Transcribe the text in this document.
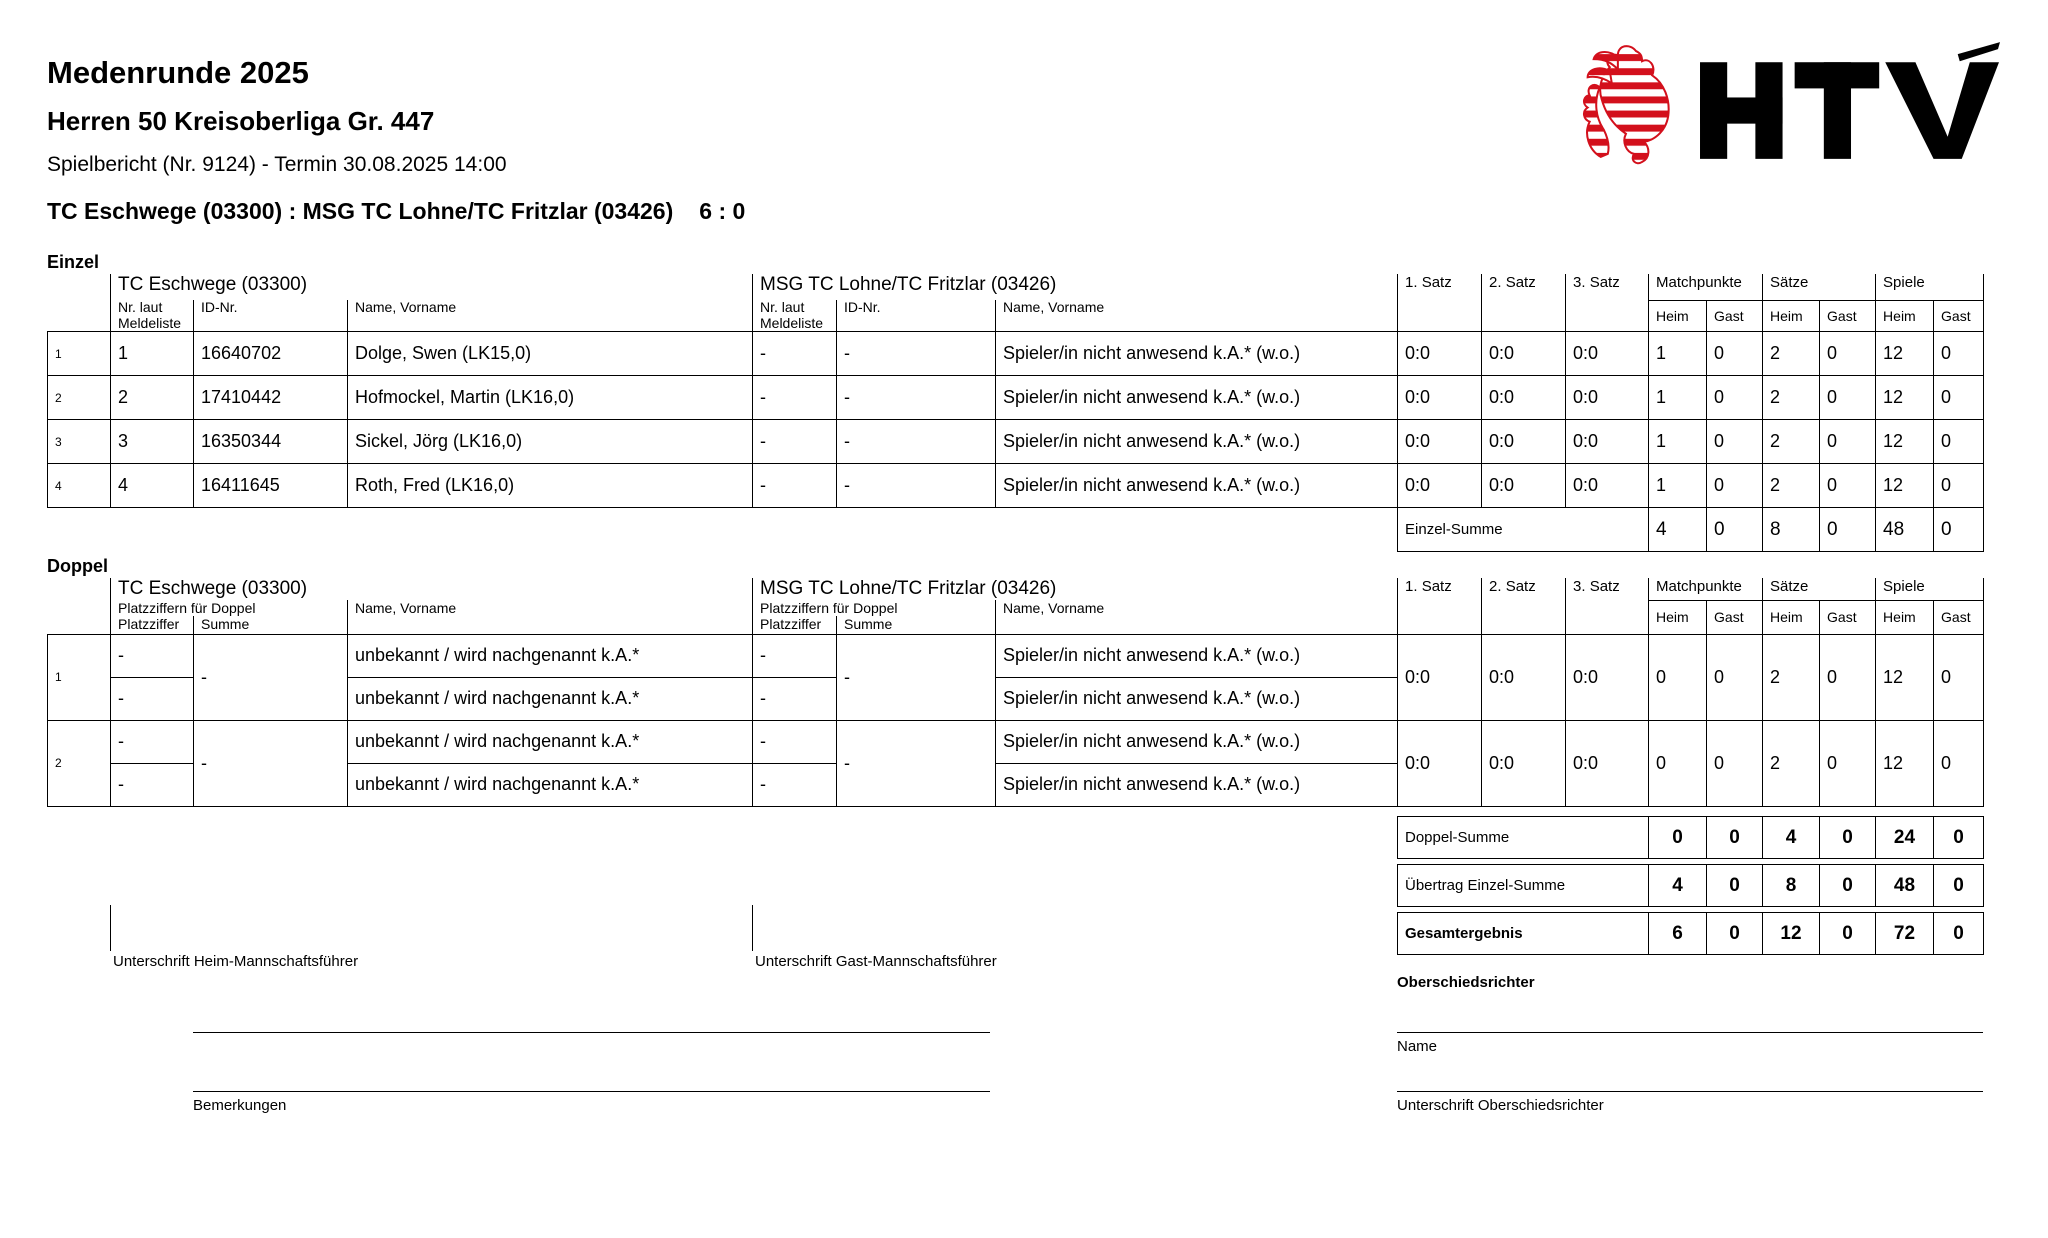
Medenrunde 2025
Herren 50 Kreisoberliga Gr. 447
Spielbericht (Nr. 9124) - Termin 30.08.2025 14:00
TC Eschwege (03300) : MSG TC Lohne/TC Fritzlar (03426) 6 : 0
Einzel
	TC Eschwege (03300)			MSG TC Lohne/TC Fritzlar (03426)			1. Satz	2. Satz	3. Satz	Matchpunkte		Sätze		Spiele	
	Nr. laut Meldeliste	ID-Nr.	Name, Vorname	Nr. laut Meldeliste	ID-Nr.	Name, Vorname				Heim	Gast	Heim	Gast	Heim	Gast
1	1	16640702	Dolge, Swen (LK15,0)	-	-	Spieler/in nicht anwesend k.A.* (w.o.)	0:0	0:0	0:0	1	0	2	0	12	0
2	2	17410442	Hofmockel, Martin (LK16,0)	-	-	Spieler/in nicht anwesend k.A.* (w.o.)	0:0	0:0	0:0	1	0	2	0	12	0
3	3	16350344	Sickel, Jörg (LK16,0)	-	-	Spieler/in nicht anwesend k.A.* (w.o.)	0:0	0:0	0:0	1	0	2	0	12	0
4	4	16411645	Roth, Fred (LK16,0)	-	-	Spieler/in nicht anwesend k.A.* (w.o.)	0:0	0:0	0:0	1	0	2	0	12	0
							Einzel-Summe			4	0	8	0	48	0
Doppel
	TC Eschwege (03300)			MSG TC Lohne/TC Fritzlar (03426)			1. Satz	2. Satz	3. Satz	Matchpunkte		Sätze		Spiele	
	Platzziffern für Doppel		Name, Vorname	Platzziffern für Doppel		Name, Vorname				Heim	Gast	Heim	Gast	Heim	Gast
	Platzziffer	Summe		Platzziffer	Summe										
1	-	-	unbekannt / wird nachgenannt k.A.*	-	-	Spieler/in nicht anwesend k.A.* (w.o.)	0:0	0:0	0:0	0	0	2	0	12	0
	-		unbekannt / wird nachgenannt k.A.*	-		Spieler/in nicht anwesend k.A.* (w.o.)									
2	-	-	unbekannt / wird nachgenannt k.A.*	-	-	Spieler/in nicht anwesend k.A.* (w.o.)	0:0	0:0	0:0	0	0	2	0	12	0
	-		unbekannt / wird nachgenannt k.A.*	-		Spieler/in nicht anwesend k.A.* (w.o.)									
Doppel-Summe	0	0	4	0	24	0
Übertrag Einzel-Summe	4	0	8	0	48	0
Gesamtergebnis	6	0	12	0	72	0
Unterschrift Heim-Mannschaftsführer	Unterschrift Gast-Mannschaftsführer
Bemerkungen
Oberschiedsrichter
Name
Unterschrift Oberschiedsrichter
